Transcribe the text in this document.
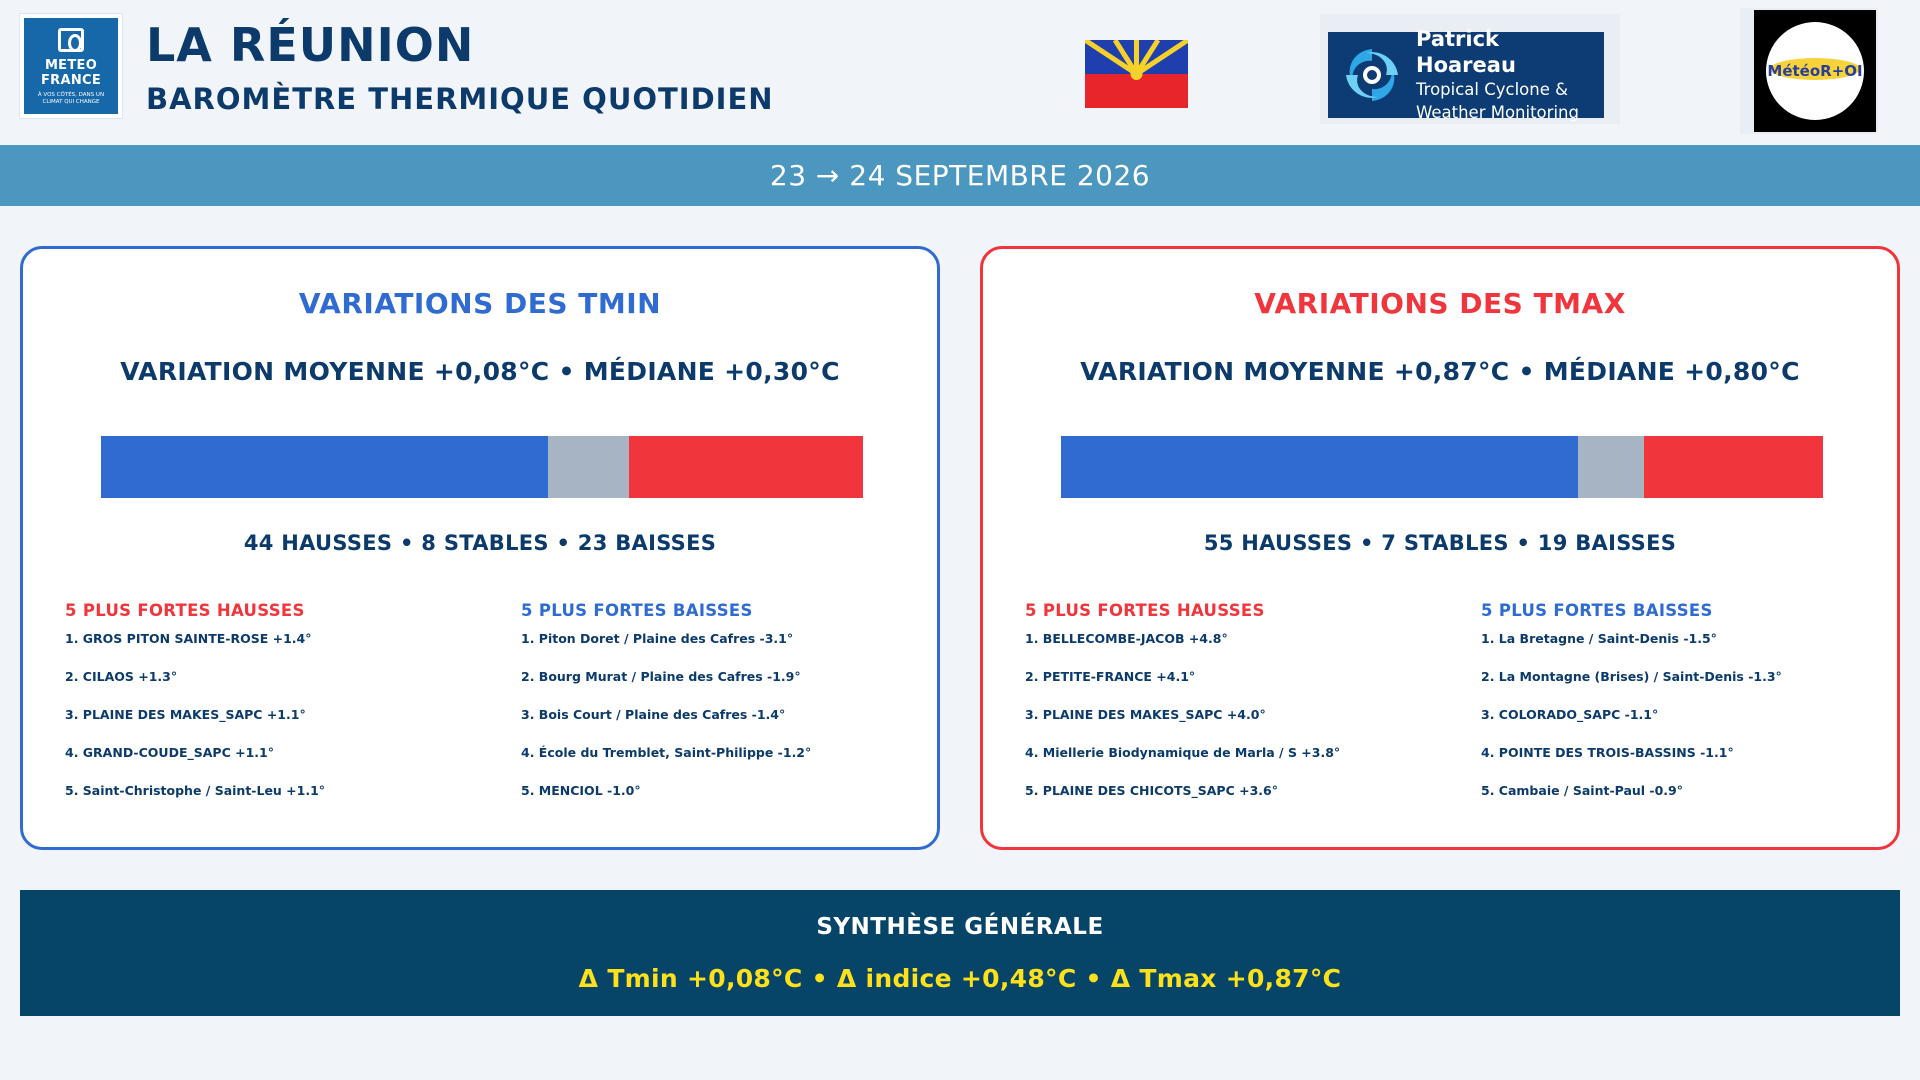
METEO
FRANCE
À VOS CÔTÉS, DANS UN CLIMAT QUI CHANGE
LA RÉUNION
BAROMÈTRE THERMIQUE QUOTIDIEN
Patrick Hoareau
Tropical Cyclone &
Weather Monitoring
MétéoR+OI
23 → 24 SEPTEMBRE 2026
VARIATIONS DES TMIN
VARIATION MOYENNE +0,08°C • MÉDIANE +0,30°C
44 HAUSSES • 8 STABLES • 23 BAISSES
5 PLUS FORTES HAUSSES
1. GROS PITON SAINTE-ROSE +1.4°
2. CILAOS +1.3°
3. PLAINE DES MAKES_SAPC +1.1°
4. GRAND-COUDE_SAPC +1.1°
5. Saint-Christophe / Saint-Leu +1.1°
5 PLUS FORTES BAISSES
1. Piton Doret / Plaine des Cafres -3.1°
2. Bourg Murat / Plaine des Cafres -1.9°
3. Bois Court / Plaine des Cafres -1.4°
4. École du Tremblet, Saint-Philippe -1.2°
5. MENCIOL -1.0°
VARIATIONS DES TMAX
VARIATION MOYENNE +0,87°C • MÉDIANE +0,80°C
55 HAUSSES • 7 STABLES • 19 BAISSES
5 PLUS FORTES HAUSSES
1. BELLECOMBE-JACOB +4.8°
2. PETITE-FRANCE +4.1°
3. PLAINE DES MAKES_SAPC +4.0°
4. Miellerie Biodynamique de Marla / S +3.8°
5. PLAINE DES CHICOTS_SAPC +3.6°
5 PLUS FORTES BAISSES
1. La Bretagne / Saint-Denis -1.5°
2. La Montagne (Brises) / Saint-Denis -1.3°
3. COLORADO_SAPC -1.1°
4. POINTE DES TROIS-BASSINS -1.1°
5. Cambaie / Saint-Paul -0.9°
SYNTHÈSE GÉNÉRALE
Δ Tmin +0,08°C • Δ indice +0,48°C • Δ Tmax +0,87°C
